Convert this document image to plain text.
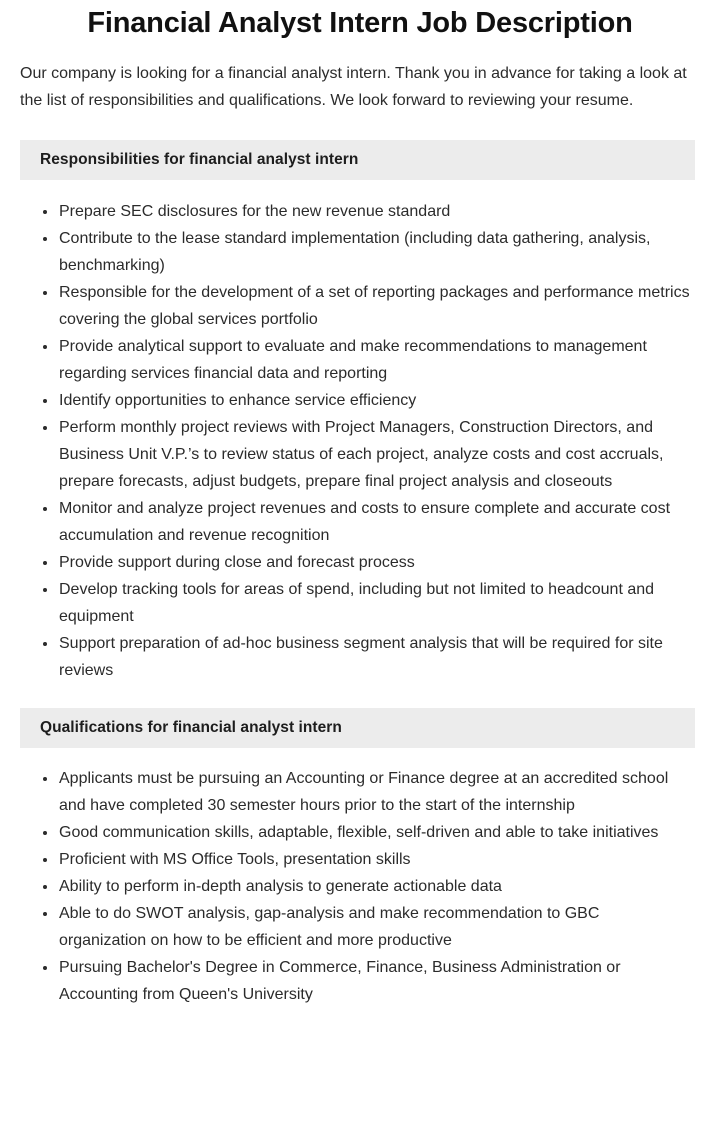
Financial Analyst Intern Job Description

Our company is looking for a financial analyst intern. Thank you in advance for taking a look at the list of responsibilities and qualifications. We look forward to reviewing your resume.

Responsibilities for financial analyst intern
Prepare SEC disclosures for the new revenue standard
Contribute to the lease standard implementation (including data gathering, analysis, benchmarking)
Responsible for the development of a set of reporting packages and performance metrics covering the global services portfolio
Provide analytical support to evaluate and make recommendations to management regarding services financial data and reporting
Identify opportunities to enhance service efficiency
Perform monthly project reviews with Project Managers, Construction Directors, and Business Unit V.P.’s to review status of each project, analyze costs and cost accruals, prepare forecasts, adjust budgets, prepare final project analysis and closeouts
Monitor and analyze project revenues and costs to ensure complete and accurate cost accumulation and revenue recognition
Provide support during close and forecast process
Develop tracking tools for areas of spend, including but not limited to headcount and equipment
Support preparation of ad-hoc business segment analysis that will be required for site reviews
Qualifications for financial analyst intern
Applicants must be pursuing an Accounting or Finance degree at an accredited school and have completed 30 semester hours prior to the start of the internship
Good communication skills, adaptable, flexible, self-driven and able to take initiatives
Proficient with MS Office Tools, presentation skills
Ability to perform in-depth analysis to generate actionable data
Able to do SWOT analysis, gap-analysis and make recommendation to GBC organization on how to be efficient and more productive
Pursuing Bachelor's Degree in Commerce, Finance, Business Administration or Accounting from Queen's University
